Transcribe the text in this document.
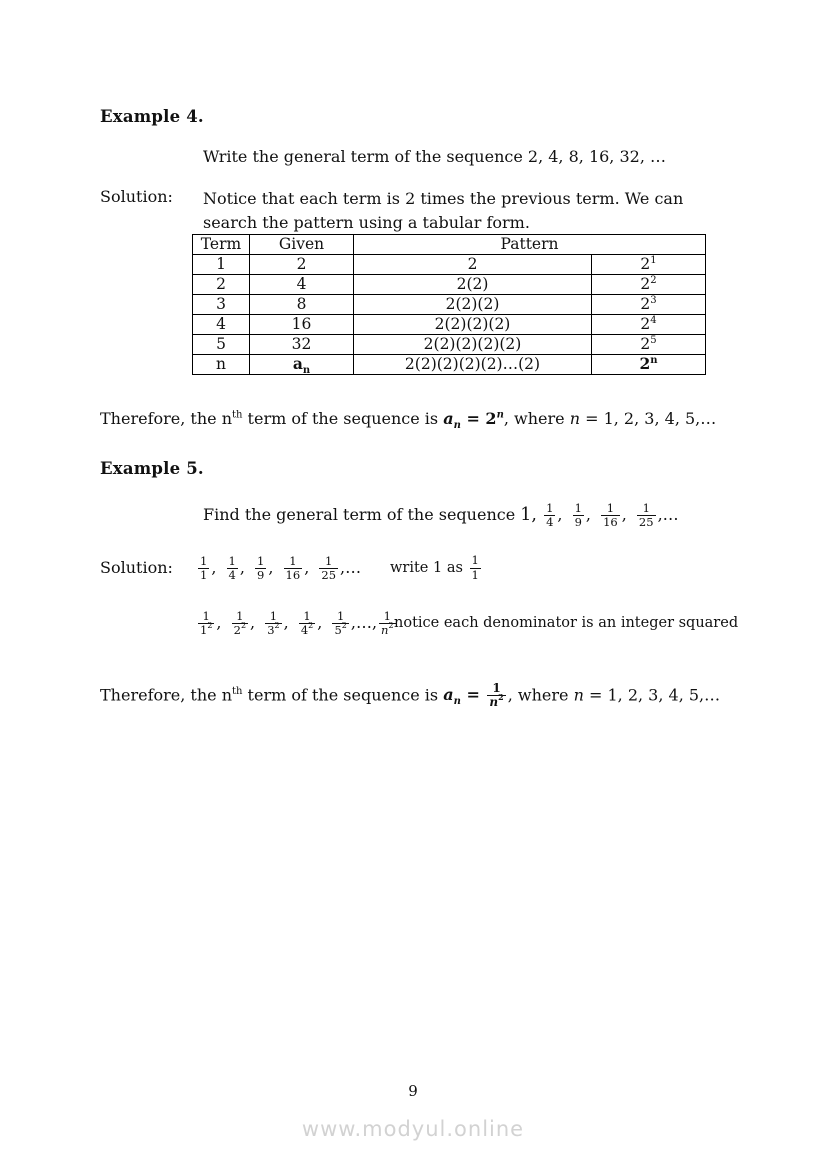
Example 4.
Write the general term of the sequence 2, 4, 8, 16, 32, …
Solution: Notice that each term is 2 times the previous term. We can
search the pattern using a tabular form.
Term	Given	Pattern	
1	2	2	$2^1$
2	4	2(2)	$2^2$
3	8	2(2)(2)	$2^3$
4	16	2(2)(2)(2)	$2^4$
5	32	2(2)(2)(2)(2)	$2^5$
n	$a_n$	2(2)(2)(2)(2)…(2)	2$^n$
Therefore, the $n^{th}$ term of the sequence is $a_n = 2^n$, where n = 1, 2, 3, 4, 5,…
Example 5.
Find the general term of the sequence 1, $\frac{1}{4}$ , $\frac{1}{9}$ , $\frac{1}{16}$ , $\frac{1}{25}$ ,…
Solution: $\frac{1}{1}$ , $\frac{1}{4}$ , $\frac{1}{9}$ , $\frac{1}{16}$ , $\frac{1}{25}$ ,… write 1 as $\frac{1}{1}$
$\frac{1}{1^2}$ , $\frac{1}{2^2}$ , $\frac{1}{3^2}$ , $\frac{1}{4^2}$ , $\frac{1}{5^2}$ ,…, $\frac{1}{n^2}$
notice each denominator is an integer squared
Therefore, the $n^{th}$ term of the sequence is $a_n = \frac{1}{n^2}$ , where n = 1, 2, 3, 4, 5,…
9
www.modyul.online
